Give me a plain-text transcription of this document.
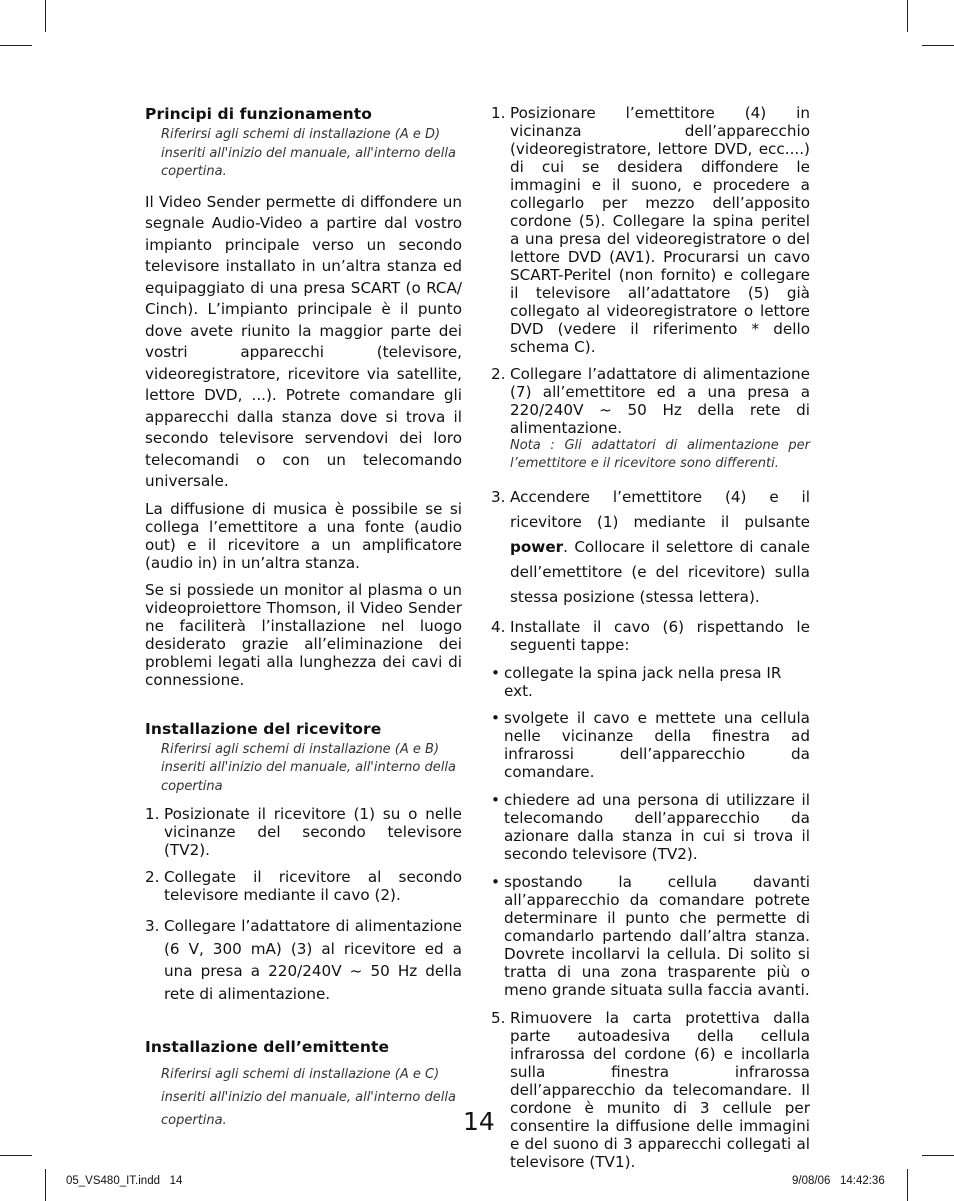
Principi di funzionamento
Riferirsi agli schemi di installazione (A e D)
inseriti all'inizio del manuale, all'interno della
copertina.

Il Video Sender permette di diffondere un segnale Audio-Video a partire dal vostro impianto principale verso un secondo televisore installato in un’altra stanza ed equipaggiato di una presa SCART (o RCA/ Cinch). L’impianto principale è il punto dove avete riunito la maggior parte dei vostri apparecchi (televisore, videoregistratore, ricevitore via satellite, lettore DVD, ...). Potrete comandare gli apparecchi dalla stanza dove si trova il secondo televisore servendovi dei loro telecomandi o con un telecomando universale.

La diffusione di musica è possibile se si collega l’emettitore a una fonte (audio out) e il ricevitore a un amplificatore (audio in) in un’altra stanza.

Se si possiede un monitor al plasma o un videoproiettore Thomson, il Video Sender ne faciliterà l’installazione nel luogo desiderato grazie all’eliminazione dei problemi legati alla lunghezza dei cavi di connessione.

Installazione del ricevitore
Riferirsi agli schemi di installazione (A e B)
inseriti all'inizio del manuale, all'interno della
copertina
1. Posizionate il ricevitore (1) su o nelle vicinanze del secondo televisore (TV2).

2. Collegate il ricevitore al secondo televisore mediante il cavo (2).

3. Collegare l’adattatore di alimentazione (6 V, 300 mA) (3) al ricevitore ed a una presa a 220/240V ~ 50 Hz della rete di alimentazione.

Installazione dell’emittente
Riferirsi agli schemi di installazione (A e C)
inseriti all'inizio del manuale, all'interno della
copertina.
1. Posizionare l’emettitore (4) in vicinanza dell’apparecchio (videoregistratore, lettore DVD, ecc....) di cui se desidera diffondere le immagini e il suono, e procedere a collegarlo per mezzo dell’apposito cordone (5). Collegare la spina peritel a una presa del videoregistratore o del lettore DVD (AV1). Procurarsi un cavo SCART-Peritel (non fornito) e collegare il televisore all’adattatore (5) già collegato al videoregistratore o lettore DVD (vedere il riferimento * dello schema C).

2. Collegare l’adattatore di alimentazione (7) all’emettitore ed a una presa a 220/240V ~ 50 Hz della rete di alimentazione.

Nota : Gli adattatori di alimentazione per l’emettitore e il ricevitore sono differenti.

3. Accendere l’emettitore (4) e il ricevitore (1) mediante il pulsante power. Collocare il selettore di canale dell’emettitore (e del ricevitore) sulla stessa posizione (stessa lettera).

4. Installate il cavo (6) rispettando le seguenti tappe:

• collegate la spina jack nella presa IR ext.

• svolgete il cavo e mettete una cellula nelle vicinanze della finestra ad infrarossi dell’apparecchio da comandare.

• chiedere ad una persona di utilizzare il telecomando dell’apparecchio da azionare dalla stanza in cui si trova il secondo televisore (TV2).

• spostando la cellula davanti all’apparecchio da comandare potrete determinare il punto che permette di comandarlo partendo dall’altra stanza. Dovrete incollarvi la cellula. Di solito si tratta di una zona trasparente più o meno grande situata sulla faccia avanti.

5. Rimuovere la carta protettiva dalla parte autoadesiva della cellula infrarossa del cordone (6) e incollarla sulla finestra infrarossa dell’apparecchio da telecomandare. Il cordone è munito di 3 cellule per consentire la diffusione delle immagini e del suono di 3 apparecchi collegati al televisore (TV1).

14
05_VS480_IT.indd   14	9/08/06   14:42:36
